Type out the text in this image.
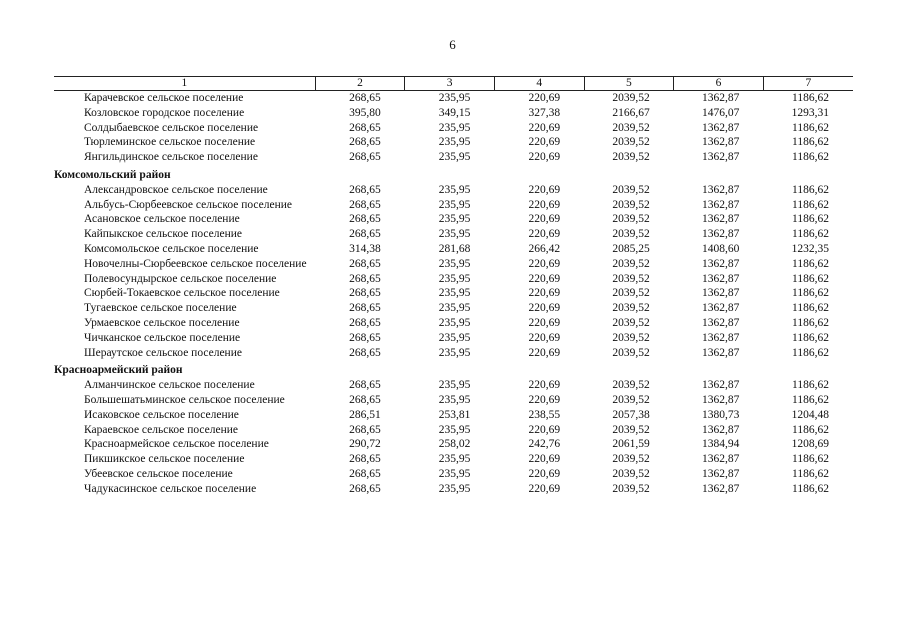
6
1	2	3	4	5	6	7
Карачевское сельское поселение	268,65	235,95	220,69	2039,52	1362,87	1186,62
Козловское городское поселение	395,80	349,15	327,38	2166,67	1476,07	1293,31
Солдыбаевское сельское поселение	268,65	235,95	220,69	2039,52	1362,87	1186,62
Тюрлеминское сельское поселение	268,65	235,95	220,69	2039,52	1362,87	1186,62
Янгильдинское сельское поселение	268,65	235,95	220,69	2039,52	1362,87	1186,62

Комсомольский район						
Александровское сельское поселение	268,65	235,95	220,69	2039,52	1362,87	1186,62
Альбусь-Сюрбеевское сельское поселение	268,65	235,95	220,69	2039,52	1362,87	1186,62
Асановское сельское поселение	268,65	235,95	220,69	2039,52	1362,87	1186,62
Кайпыкское сельское поселение	268,65	235,95	220,69	2039,52	1362,87	1186,62
Комсомольское сельское поселение	314,38	281,68	266,42	2085,25	1408,60	1232,35
Новочелны-Сюрбеевское сельское поселение	268,65	235,95	220,69	2039,52	1362,87	1186,62
Полевосундырское сельское поселение	268,65	235,95	220,69	2039,52	1362,87	1186,62
Сюрбей-Токаевское сельское поселение	268,65	235,95	220,69	2039,52	1362,87	1186,62
Тугаевское сельское поселение	268,65	235,95	220,69	2039,52	1362,87	1186,62
Урмаевское сельское поселение	268,65	235,95	220,69	2039,52	1362,87	1186,62
Чичканское сельское поселение	268,65	235,95	220,69	2039,52	1362,87	1186,62
Шераутское сельское поселение	268,65	235,95	220,69	2039,52	1362,87	1186,62

Красноармейский район						
Алманчинское сельское поселение	268,65	235,95	220,69	2039,52	1362,87	1186,62
Большешатьминское сельское поселение	268,65	235,95	220,69	2039,52	1362,87	1186,62
Исаковское сельское поселение	286,51	253,81	238,55	2057,38	1380,73	1204,48
Караевское сельское поселение	268,65	235,95	220,69	2039,52	1362,87	1186,62
Красноармейское сельское поселение	290,72	258,02	242,76	2061,59	1384,94	1208,69
Пикшикское сельское поселение	268,65	235,95	220,69	2039,52	1362,87	1186,62
Убеевское сельское поселение	268,65	235,95	220,69	2039,52	1362,87	1186,62
Чадукасинское сельское поселение	268,65	235,95	220,69	2039,52	1362,87	1186,62
